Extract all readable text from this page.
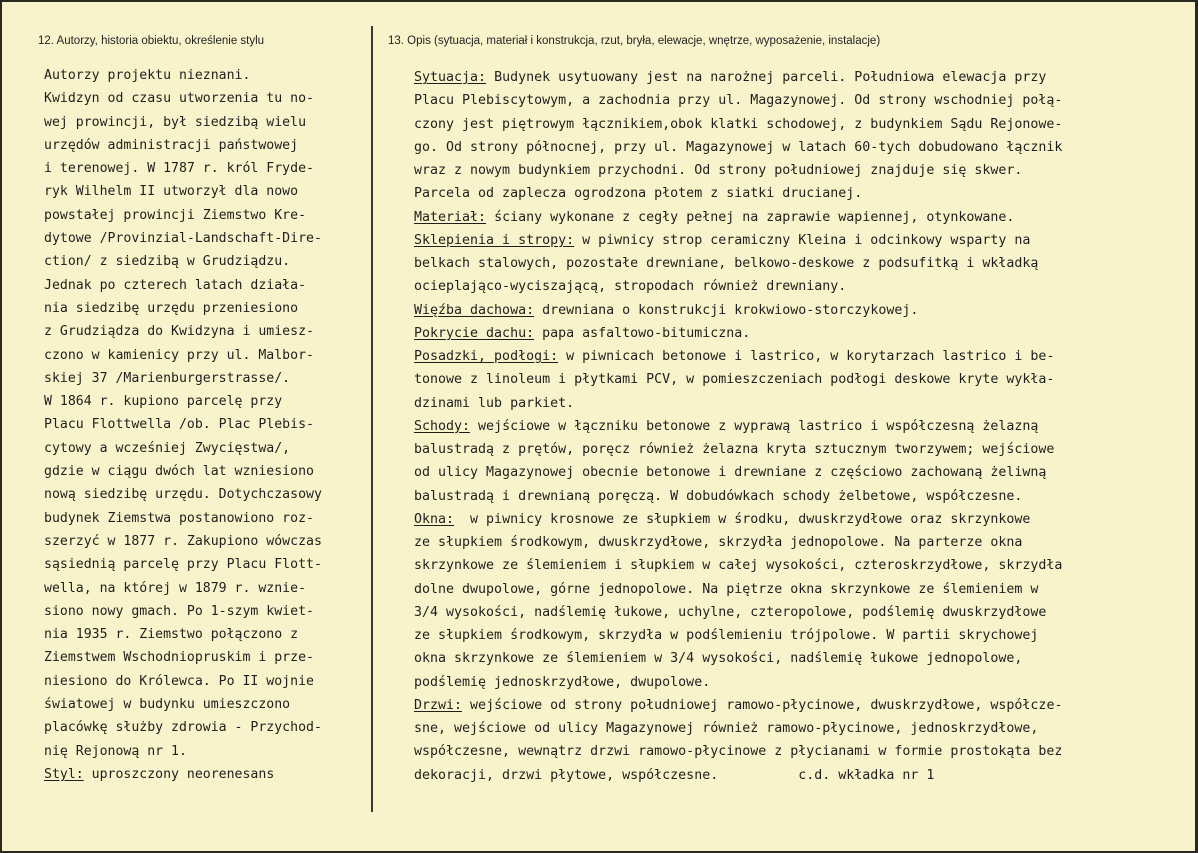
12. Autorzy, historia obiektu, określenie stylu	13. Opis (sytuacja, materiał i konstrukcja, rzut, bryła, elewacje, wnętrze, wyposażenie, instalacje)
Autorzy projektu nieznani.
Kwidzyn od czasu utworzenia tu no-
wej prowincji, był siedzibą wielu
urzędów administracji państwowej
i terenowej. W 1787 r. król Fryde-
ryk Wilhelm II utworzył dla nowo
powstałej prowincji Ziemstwo Kre-
dytowe /Provinzial-Landschaft-Dire-
ction/ z siedzibą w Grudziądzu.
Jednak po czterech latach działa-
nia siedzibę urzędu przeniesiono
z Grudziądza do Kwidzyna i umiesz-
czono w kamienicy przy ul. Malbor-
skiej 37 /Marienburgerstrasse/.
W 1864 r. kupiono parcelę przy
Placu Flottwella /ob. Plac Plebis-
cytowy a wcześniej Zwycięstwa/,
gdzie w ciągu dwóch lat wzniesiono
nową siedzibę urzędu. Dotychczasowy
budynek Ziemstwa postanowiono roz-
szerzyć w 1877 r. Zakupiono wówczas
sąsiednią parcelę przy Placu Flott-
wella, na której w 1879 r. wznie-
siono nowy gmach. Po 1-szym kwiet-
nia 1935 r. Ziemstwo połączono z
Ziemstwem Wschodniopruskim i prze-
niesiono do Królewca. Po II wojnie
światowej w budynku umieszczono
placówkę służby zdrowia - Przychod-
nię Rejonową nr 1.
Styl: uproszczony neorenesans
Sytuacja: Budynek usytuowany jest na narożnej parceli. Południowa elewacja przy
Placu Plebiscytowym, a zachodnia przy ul. Magazynowej. Od strony wschodniej połą-
czony jest piętrowym łącznikiem,obok klatki schodowej, z budynkiem Sądu Rejonowe-
go. Od strony północnej, przy ul. Magazynowej w latach 60-tych dobudowano łącznik
wraz z nowym budynkiem przychodni. Od strony południowej znajduje się skwer.
Parcela od zaplecza ogrodzona płotem z siatki drucianej.
Materiał: ściany wykonane z cegły pełnej na zaprawie wapiennej, otynkowane.
Sklepienia i stropy: w piwnicy strop ceramiczny Kleina i odcinkowy wsparty na
belkach stalowych, pozostałe drewniane, belkowo-deskowe z podsufitką i wkładką
ocieplająco-wyciszającą, stropodach również drewniany.
Więźba dachowa: drewniana o konstrukcji krokwiowo-storczykowej.
Pokrycie dachu: papa asfaltowo-bitumiczna.
Posadzki, podłogi: w piwnicach betonowe i lastrico, w korytarzach lastrico i be-
tonowe z linoleum i płytkami PCV, w pomieszczeniach podłogi deskowe kryte wykła-
dzinami lub parkiet.
Schody: wejściowe w łączniku betonowe z wyprawą lastrico i współczesną żelazną
balustradą z prętów, poręcz również żelazna kryta sztucznym tworzywem; wejściowe
od ulicy Magazynowej obecnie betonowe i drewniane z częściowo zachowaną żeliwną
balustradą i drewnianą poręczą. W dobudówkach schody żelbetowe, współczesne.
Okna:  w piwnicy krosnowe ze słupkiem w środku, dwuskrzydłowe oraz skrzynkowe
ze słupkiem środkowym, dwuskrzydłowe, skrzydła jednopolowe. Na parterze okna
skrzynkowe ze ślemieniem i słupkiem w całej wysokości, czteroskrzydłowe, skrzydła
dolne dwupolowe, górne jednopolowe. Na piętrze okna skrzynkowe ze ślemieniem w
3/4 wysokości, nadślemię łukowe, uchylne, czteropolowe, podślemię dwuskrzydłowe
ze słupkiem środkowym, skrzydła w podślemieniu trójpolowe. W partii skrychowej
okna skrzynkowe ze ślemieniem w 3/4 wysokości, nadślemię łukowe jednopolowe,
podślemię jednoskrzydłowe, dwupolowe.
Drzwi: wejściowe od strony południowej ramowo-płycinowe, dwuskrzydłowe, współcze-
sne, wejściowe od ulicy Magazynowej również ramowo-płycinowe, jednoskrzydłowe,
współczesne, wewnątrz drzwi ramowo-płycinowe z płycianami w formie prostokąta bez
dekoracji, drzwi płytowe, współczesne.          c.d. wkładka nr 1
